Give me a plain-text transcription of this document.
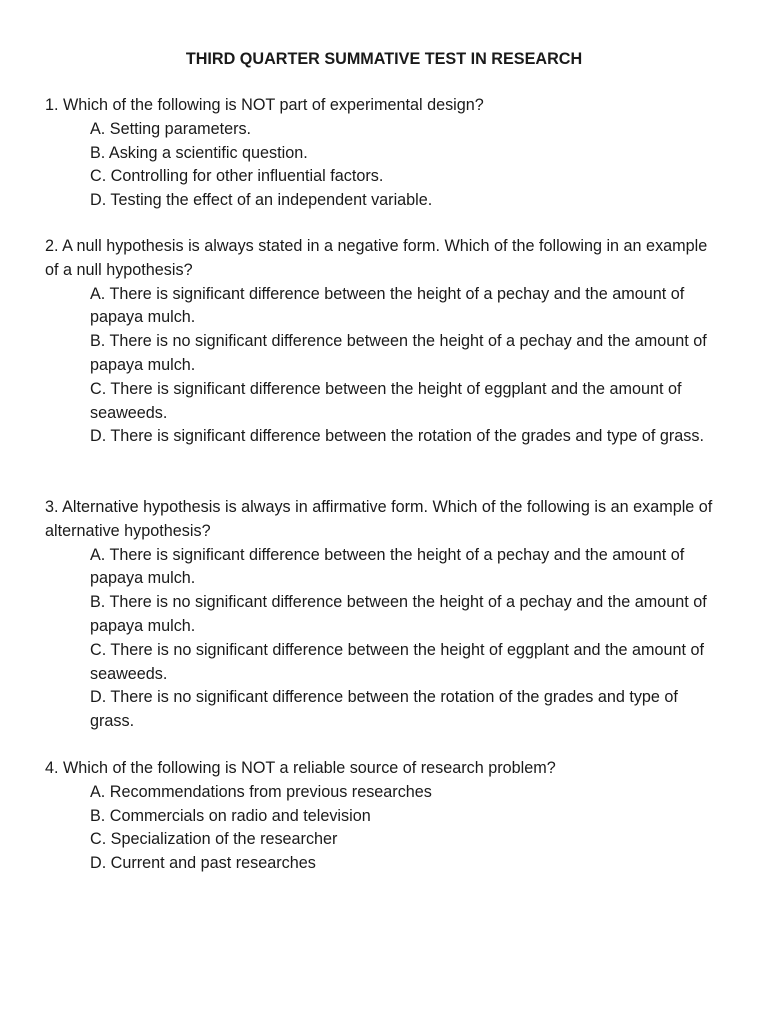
THIRD QUARTER SUMMATIVE TEST IN RESEARCH
1. Which of the following is NOT part of experimental design?
A. Setting parameters.
B. Asking a scientific question.
C. Controlling for other influential factors.
D. Testing the effect of an independent variable.
2. A null hypothesis is always stated in a negative form. Which of the following in an example of a null hypothesis?
A. There is significant difference between the height of a pechay and the amount of papaya mulch.
B. There is no significant difference between the height of a pechay and the amount of papaya mulch.
C. There is significant difference between the height of eggplant and the amount of seaweeds.
D. There is significant difference between the rotation of the grades and type of grass.
3. Alternative hypothesis is always in affirmative form. Which of the following is an example of alternative hypothesis?
A. There is significant difference between the height of a pechay and the amount of papaya mulch.
B. There is no significant difference between the height of a pechay and the amount of papaya mulch.
C. There is no significant difference between the height of eggplant and the amount of seaweeds.
D. There is no significant difference between the rotation of the grades and type of grass.
4. Which of the following is NOT a reliable source of research problem?
A. Recommendations from previous researches
B. Commercials on radio and television
C. Specialization of the researcher
D. Current and past researches
